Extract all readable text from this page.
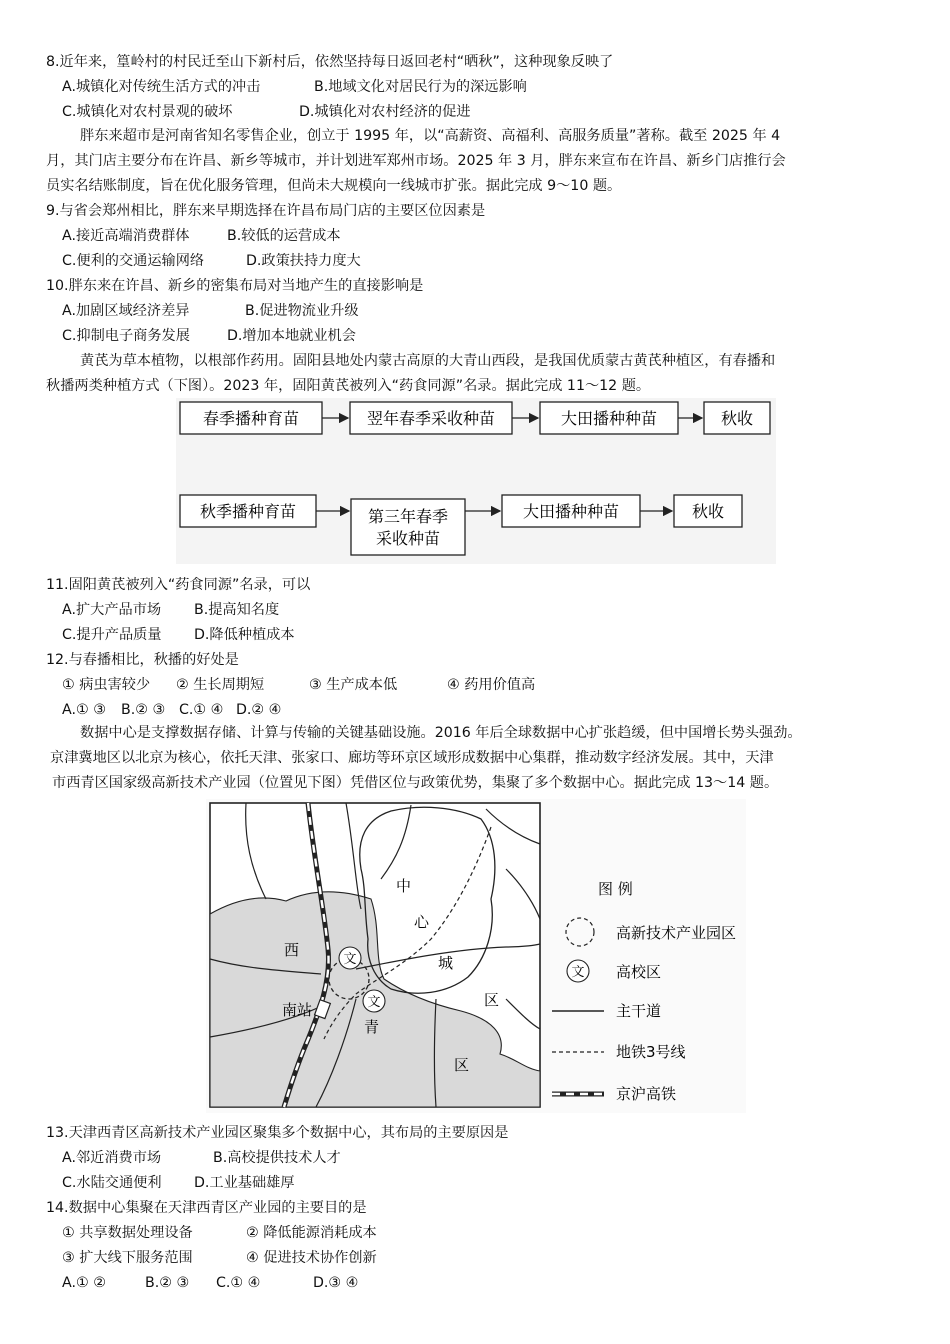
8.近年来，篁岭村的村民迁至山下新村后，依然坚持每日返回老村“晒秋”，这种现象反映了
A.城镇化对传统生活方式的冲击	B.地域文化对居民行为的深远影响
C.城镇化对农村景观的破坏	D.城镇化对农村经济的促进
胖东来超市是河南省知名零售企业，创立于 1995 年，以“高薪资、高福利、高服务质量”著称。截至 2025 年 4
月，其门店主要分布在许昌、新乡等城市，并计划进军郑州市场。2025 年 3 月，胖东来宣布在许昌、新乡门店推行会
员实名结账制度，旨在优化服务管理，但尚未大规模向一线城市扩张。据此完成 9～10 题。
9.与省会郑州相比，胖东来早期选择在许昌布局门店的主要区位因素是
A.接近高端消费群体	B.较低的运营成本
C.便利的交通运输网络	D.政策扶持力度大
10.胖东来在许昌、新乡的密集布局对当地产生的直接影响是
A.加剧区域经济差异	B.促进物流业升级
C.抑制电子商务发展	D.增加本地就业机会
黄芪为草本植物，以根部作药用。固阳县地处内蒙古高原的大青山西段，是我国优质蒙古黄芪种植区，有春播和
秋播两类种植方式（下图）。2023 年，固阳黄芪被列入“药食同源”名录。据此完成 11～12 题。
春季播种育苗	翌年春季采收种苗	大田播种种苗	秋收
秋季播种育苗	第三年春季
采收种苗
大田播种种苗	秋收
11.固阳黄芪被列入“药食同源”名录，可以
A.扩大产品市场 B.提高知名度
C.提升产品质量 D.降低种植成本
12.与春播相比，秋播的好处是
① 病虫害较少 ② 生长周期短	③ 生产成本低	④ 药用价值高
A.① ③ B.② ③ C.① ④ D.② ④
数据中心是支撑数据存储、计算与传输的关键基础设施。2016 年后全球数据中心扩张趋缓，但中国增长势头强劲。
京津冀地区以北京为核心，依托天津、张家口、廊坊等环京区域形成数据中心集群，推动数字经济发展。其中，天津
市西青区国家级高新技术产业园（位置见下图）凭借区位与政策优势，集聚了多个数据中心。据此完成 13～14 题。
文
文
南站
中
心
城
区
西
青
区
图 例
高新技术产业园区
文 高校区
主干道
地铁3号线
京沪高铁
13.天津西青区高新技术产业园区聚集多个数据中心，其布局的主要原因是
A.邻近消费市场	B.高校提供技术人才
C.水陆交通便利 D.工业基础雄厚
14.数据中心集聚在天津西青区产业园的主要目的是
① 共享数据处理设备	② 降低能源消耗成本
③ 扩大线下服务范围	④ 促进技术协作创新
A.① ②	B.② ③ C.① ④	D.③ ④
